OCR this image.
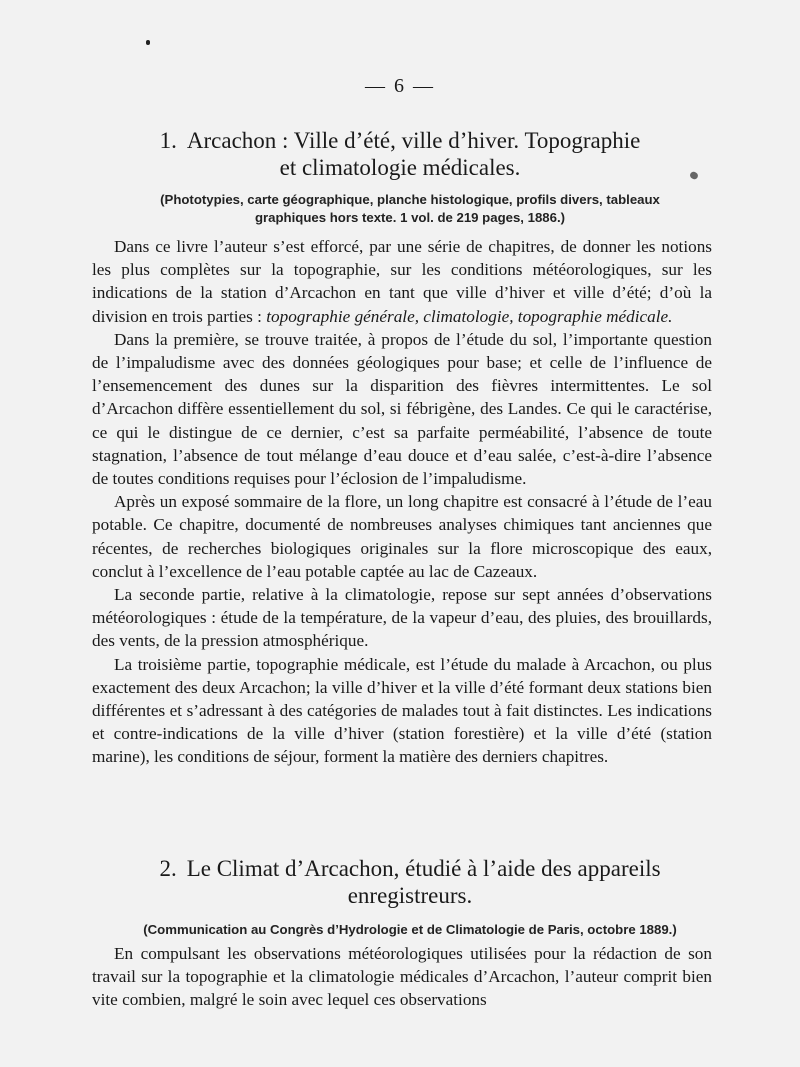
— 6 —
1. Arcachon : Ville d’été, ville d’hiver. Topographie
et climatologie médicales.
(Phototypies, carte géographique, planche histologique, profils divers, tableaux
graphiques hors texte. 1 vol. de 219 pages, 1886.)

Dans ce livre l’auteur s’est efforcé, par une série de chapitres, de donner les notions les plus complètes sur la topographie, sur les conditions météorologiques, sur les indications de la station d’Arcachon en tant que ville d’hiver et ville d’été; d’où la division en trois parties : topographie générale, climatologie, topographie médicale.

Dans la première, se trouve traitée, à propos de l’étude du sol, l’importante question de l’impaludisme avec des données géologiques pour base; et celle de l’influence de l’ensemencement des dunes sur la disparition des fièvres intermittentes. Le sol d’Arcachon diffère essentiellement du sol, si fébrigène, des Landes. Ce qui le caractérise, ce qui le distingue de ce dernier, c’est sa parfaite perméabilité, l’absence de toute stagnation, l’absence de tout mélange d’eau douce et d’eau salée, c’est-à-dire l’absence de toutes conditions requises pour l’éclosion de l’impaludisme.

Après un exposé sommaire de la flore, un long chapitre est consacré à l’étude de l’eau potable. Ce chapitre, documenté de nombreuses analyses chimiques tant anciennes que récentes, de recherches biologiques originales sur la flore microscopique des eaux, conclut à l’excellence de l’eau potable captée au lac de Cazeaux.

La seconde partie, relative à la climatologie, repose sur sept années d’observations météorologiques : étude de la température, de la vapeur d’eau, des pluies, des brouillards, des vents, de la pression atmosphérique.

La troisième partie, topographie médicale, est l’étude du malade à Arcachon, ou plus exactement des deux Arcachon; la ville d’hiver et la ville d’été formant deux stations bien différentes et s’adressant à des catégories de malades tout à fait distinctes. Les indications et contre-indications de la ville d’hiver (station forestière) et la ville d’été (station marine), les conditions de séjour, forment la matière des derniers chapitres.

2. Le Climat d’Arcachon, étudié à l’aide des appareils
enregistreurs.
(Communication au Congrès d’Hydrologie et de Climatologie de Paris, octobre 1889.)

En compulsant les observations météorologiques utilisées pour la rédaction de son travail sur la topographie et la climatologie médicales d’Arcachon, l’auteur comprit bien vite combien, malgré le soin avec lequel ces observations
